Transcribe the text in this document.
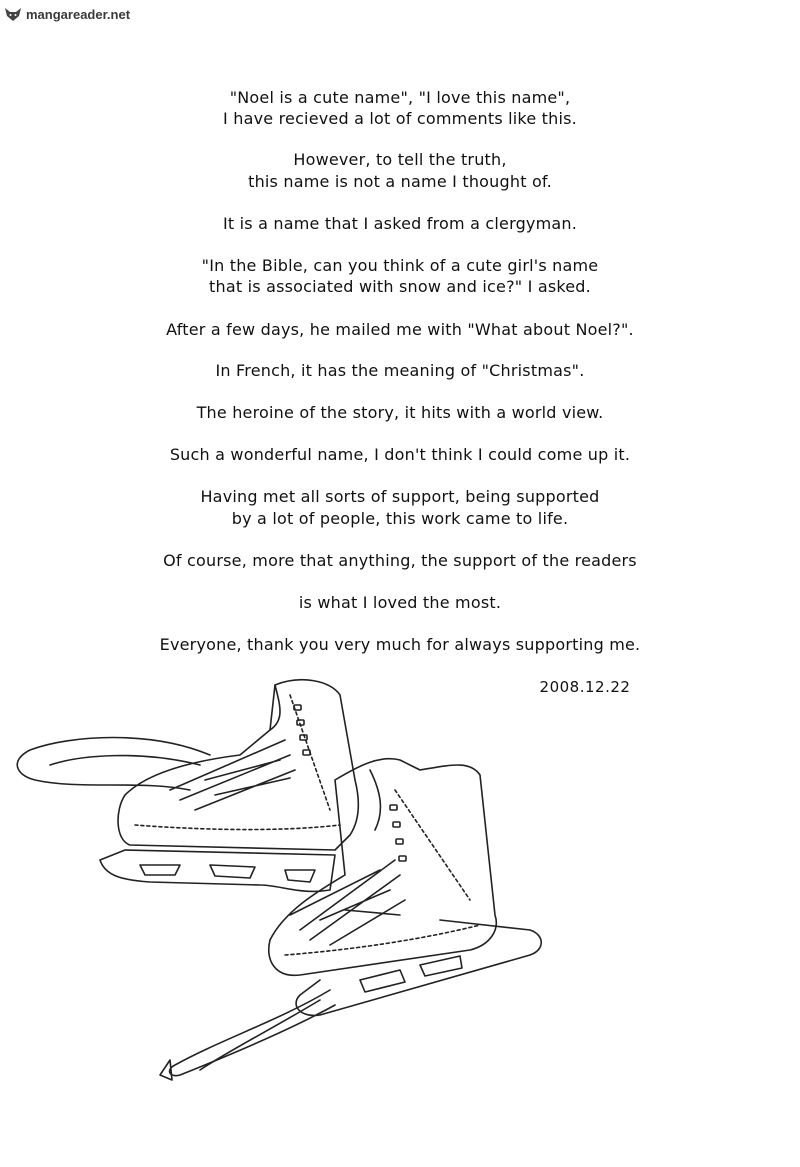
mangareader.net
"Noel is a cute name", "I love this name",
I have recieved a lot of comments like this.
However, to tell the truth,
this name is not a name I thought of.
It is a name that I asked from a clergyman.
"In the Bible, can you think of a cute girl's name
that is associated with snow and ice?" I asked.
After a few days, he mailed me with "What about Noel?".
In French, it has the meaning of "Christmas".
The heroine of the story, it hits with a world view.
Such a wonderful name, I don't think I could come up it.
Having met all sorts of support, being supported
by a lot of people, this work came to life.
Of course, more that anything, the support of the readers
is what I loved the most.
Everyone, thank you very much for always supporting me.
2008.12.22
